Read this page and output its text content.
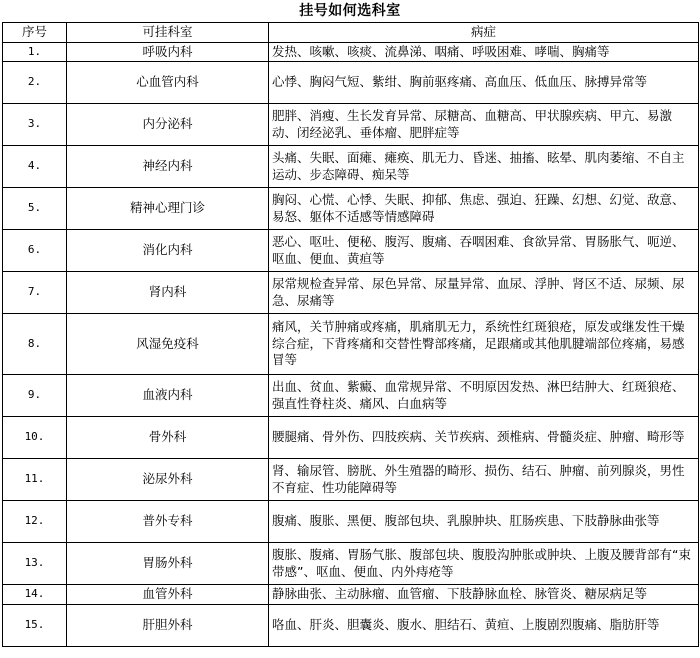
挂号如何选科室
序号	可挂科室	病症
1.	呼吸内科	发热、咳嗽、咳痰、流鼻涕、咽痛、呼吸困难、哮喘、胸痛等
2.	心血管内科	心悸、胸闷气短、紫绀、胸前驱疼痛、高血压、低血压、脉搏异常等
3.	内分泌科	肥胖、消瘦、生长发育异常、尿糖高、血糖高、甲状腺疾病、甲亢、易激动、闭经泌乳、垂体瘤、肥胖症等
4.	神经内科	头痛、失眠、面瘫、瘫痪、肌无力、昏迷、抽搐、眩晕、肌肉萎缩、不自主运动、步态障碍、痴呆等
5.	精神心理门诊	胸闷、心慌、心悸、失眠、抑郁、焦虑、强迫、狂躁、幻想、幻觉、敌意、易怒、躯体不适感等情感障碍
6.	消化内科	恶心、呕吐、便秘、腹泻、腹痛、吞咽困难、食欲异常、胃肠胀气、呃逆、呕血、便血、黄疸等
7.	肾内科	尿常规检查异常、尿色异常、尿量异常、血尿、浮肿、肾区不适、尿频、尿急、尿痛等
8.	风湿免疫科	痛风，关节肿痛或疼痛，肌痛肌无力，系统性红斑狼疮，原发或继发性干燥综合症，下背疼痛和交替性臀部疼痛，足跟痛或其他肌腱端部位疼痛，易感冒等
9.	血液内科	出血、贫血、紫癜、血常规异常、不明原因发热、淋巴结肿大、红斑狼疮、强直性脊柱炎、痛风、白血病等
10.	骨外科	腰腿痛、骨外伤、四肢疾病、关节疾病、颈椎病、骨髓炎症、肿瘤、畸形等
11.	泌尿外科	肾、输尿管、膀胱、外生殖器的畸形、损伤、结石、肿瘤、前列腺炎，男性不育症、性功能障碍等
12.	普外专科	腹痛、腹胀、黑便、腹部包块、乳腺肿块、肛肠疾患、下肢静脉曲张等
13.	胃肠外科	腹胀、腹痛、胃肠气胀、腹部包块、腹股沟肿胀或肿块、上腹及腰背部有“束带感”、呕血、便血、内外痔疮等
14.	血管外科	静脉曲张、主动脉瘤、血管瘤、下肢静脉血栓、脉管炎、糖尿病足等
15.	肝胆外科	咯血、肝炎、胆囊炎、腹水、胆结石、黄疸、上腹剧烈腹痛、脂肪肝等
